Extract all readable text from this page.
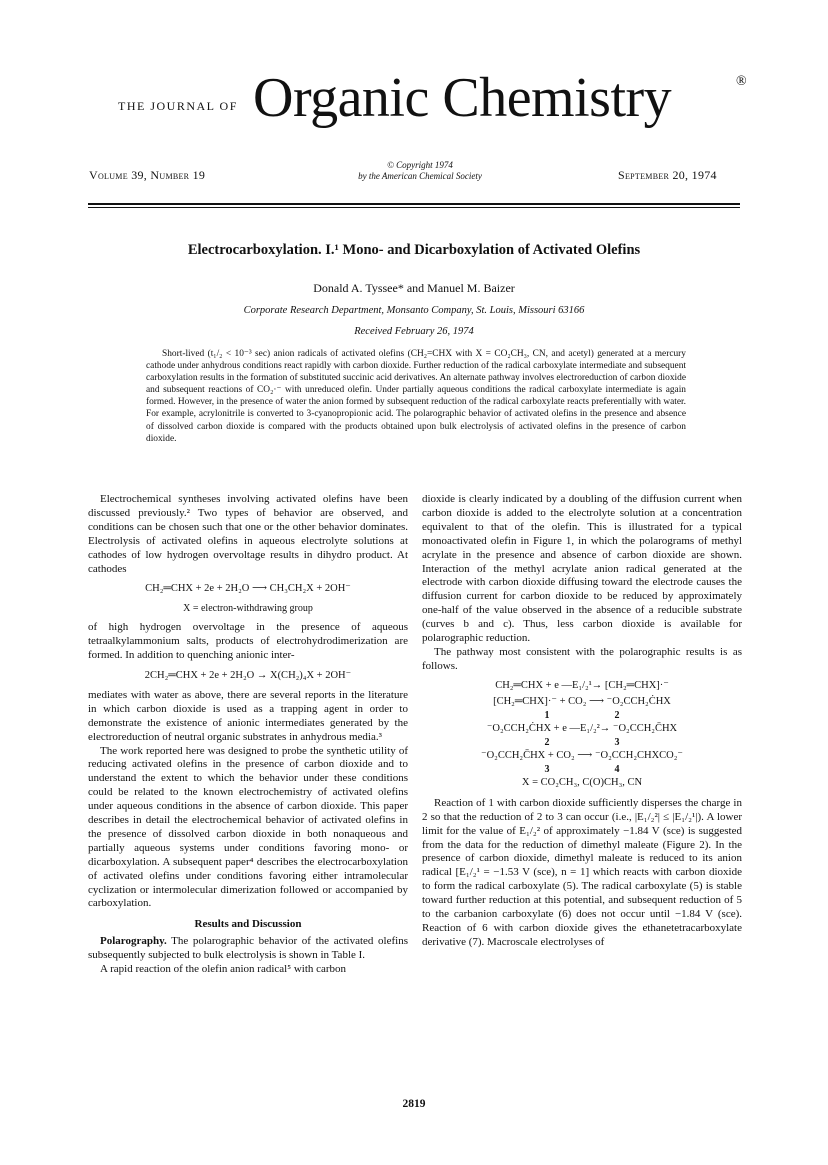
THE JOURNAL OF Organic Chemistry	®
Volume 39, Number 19
© Copyright 1974
by the American Chemical Society	September 20, 1974
Electrocarboxylation. I.¹ Mono- and Dicarboxylation of Activated Olefins
Donald A. Tyssee* and Manuel M. Baizer
Corporate Research Department, Monsanto Company, St. Louis, Missouri 63166
Received February 26, 1974
Short-lived (t₁/₂ < 10⁻³ sec) anion radicals of activated olefins (CH₂=CHX with X = CO₂CH₃, CN, and acetyl) generated at a mercury cathode under anhydrous conditions react rapidly with carbon dioxide. Further reduction of the radical carboxylate intermediate and subsequent carboxylation results in the formation of substituted succinic acid derivatives. An alternate pathway involves electroreduction of carbon dioxide and subsequent reactions of CO₂·⁻ with unreduced olefin. Under partially aqueous conditions the radical carboxylate intermediate is again formed. However, in the presence of water the anion formed by subsequent reduction of the radical carboxylate reacts preferentially with water. For example, acrylonitrile is converted to 3-cyanopropionic acid. The polarographic behavior of activated olefins in the presence and absence of dissolved carbon dioxide is compared with the products obtained upon bulk electrolysis of activated olefins in the presence of carbon dioxide.

Electrochemical syntheses involving activated olefins have been discussed previously.² Two types of behavior are observed, and conditions can be chosen such that one or the other behavior dominates. Electrolysis of activated olefins in aqueous electrolyte solutions at cathodes of low hydrogen overvoltage results in dihydro product. At cathodes

CH₂═CHX + 2e + 2H₂O ⟶ CH₃CH₂X + 2OH⁻
X = electron-withdrawing group

of high hydrogen overvoltage in the presence of aqueous tetraalkylammonium salts, products of electrohydrodimerization are formed. In addition to quenching anionic inter-

2CH₂═CHX + 2e + 2H₂O → X(CH₂)₄X + 2OH⁻

mediates with water as above, there are several reports in the literature in which carbon dioxide is used as a trapping agent in order to demonstrate the existence of anionic intermediates generated by the electroreduction of neutral organic substrates in anhydrous media.³

The work reported here was designed to probe the synthetic utility of reducing activated olefins in the presence of carbon dioxide and to understand the extent to which the behavior under these conditions could be related to the known electrochemistry of activated olefins under aqueous conditions in the absence of carbon dioxide. This paper describes in detail the electrochemical behavior of activated olefins in the presence of dissolved carbon dioxide in both nonaqueous and partially aqueous systems under conditions favoring mono- or dicarboxylation. A subsequent paper⁴ describes the electrocarboxylation of activated olefins under conditions favoring either intramolecular cyclization or intermolecular dimerization followed or accompanied by carboxylation.

Results and Discussion

Polarography. The polarographic behavior of the activated olefins subsequently subjected to bulk electrolysis is shown in Table I.

A rapid reaction of the olefin anion radical⁵ with carbon

dioxide is clearly indicated by a doubling of the diffusion current when carbon dioxide is added to the electrolyte solution at a concentration equivalent to that of the olefin. This is illustrated for a typical monoactivated olefin in Figure 1, in which the polarograms of methyl acrylate in the presence and absence of carbon dioxide are shown. Interaction of the methyl acrylate anion radical generated at the electrode with carbon dioxide diffusing toward the electrode causes the diffusion current for carbon dioxide to be reduced by approximately one-half of the value observed in the absence of a reducible substrate (curves b and c). Thus, less carbon dioxide is available for polarographic reduction.

The pathway most consistent with the polarographic results is as follows.

CH₂═CHX + e —E₁/₂¹→ [CH₂═CHX]·⁻
[CH₂═CHX]·⁻ + CO₂ ⟶ ⁻O₂CCH₂ĊHX
1                          2
⁻O₂CCH₂ĊHX + e —E₁/₂²→ ⁻O₂CCH₂C̄HX
2                          3
⁻O₂CCH₂C̄HX + CO₂ ⟶ ⁻O₂CCH₂CHXCO₂⁻
3                          4
X = CO₂CH₃, C(O)CH₃, CN

Reaction of 1 with carbon dioxide sufficiently disperses the charge in 2 so that the reduction of 2 to 3 can occur (i.e., |E₁/₂²| ≤ |E₁/₂¹|). A lower limit for the value of E₁/₂² of approximately −1.84 V (sce) is suggested from the data for the reduction of dimethyl maleate (Figure 2). In the presence of carbon dioxide, dimethyl maleate is reduced to its anion radical [E₁/₂¹ = −1.53 V (sce), n = 1] which reacts with carbon dioxide to form the radical carboxylate (5). The radical carboxylate (5) is stable toward further reduction at this potential, and subsequent reduction of 5 to the carbanion carboxylate (6) does not occur until −1.84 V (sce). Reaction of 6 with carbon dioxide gives the ethanetetracarboxylate derivative (7). Macroscale electrolyses of

2819
